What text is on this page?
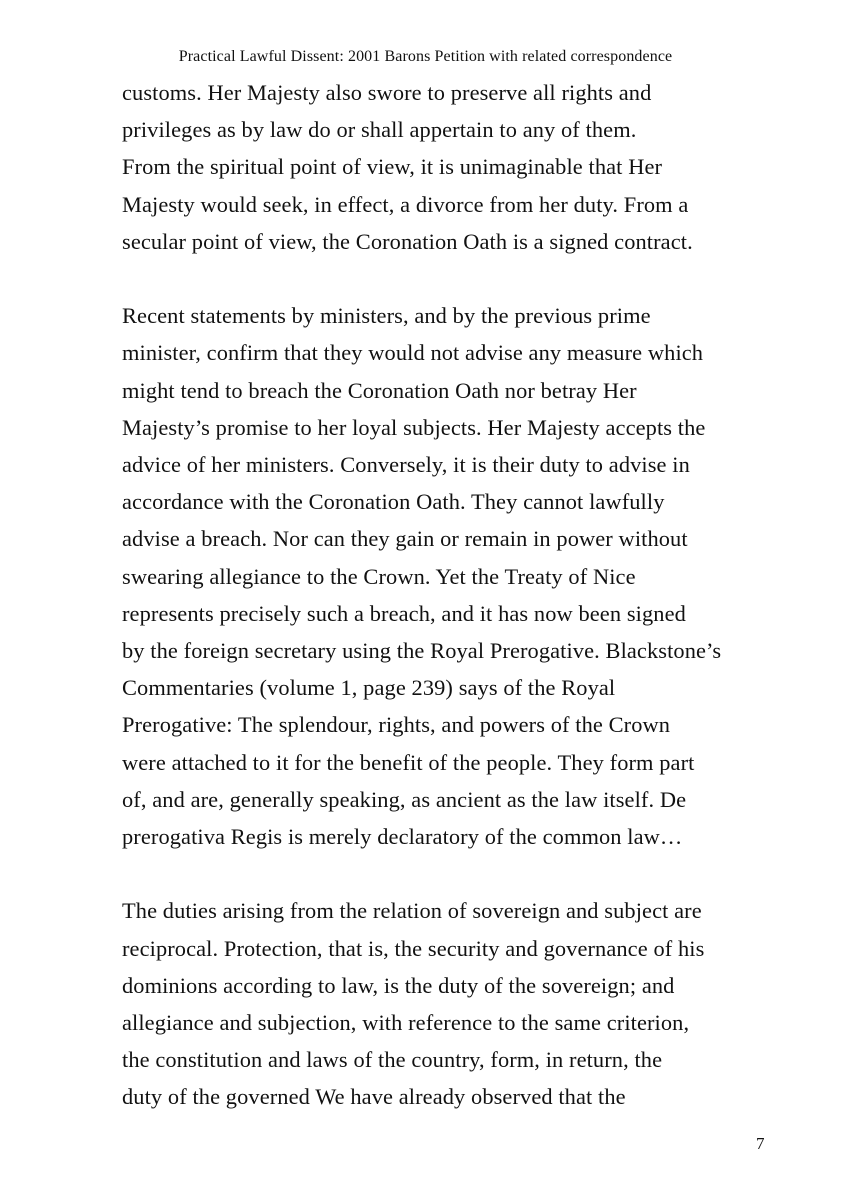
Practical Lawful Dissent: 2001 Barons Petition with related correspondence
customs. Her Majesty also swore to preserve all rights and
privileges as by law do or shall appertain to any of them.
From the spiritual point of view, it is unimaginable that Her
Majesty would seek, in effect, a divorce from her duty. From a
secular point of view, the Coronation Oath is a signed contract.
Recent statements by ministers, and by the previous prime
minister, confirm that they would not advise any measure which
might tend to breach the Coronation Oath nor betray Her
Majesty’s promise to her loyal subjects. Her Majesty accepts the
advice of her ministers. Conversely, it is their duty to advise in
accordance with the Coronation Oath. They cannot lawfully
advise a breach. Nor can they gain or remain in power without
swearing allegiance to the Crown. Yet the Treaty of Nice
represents precisely such a breach, and it has now been signed
by the foreign secretary using the Royal Prerogative. Blackstone’s
Commentaries (volume 1, page 239) says of the Royal
Prerogative: The splendour, rights, and powers of the Crown
were attached to it for the benefit of the people. They form part
of, and are, generally speaking, as ancient as the law itself. De
prerogativa Regis is merely declaratory of the common law…
The duties arising from the relation of sovereign and subject are
reciprocal. Protection, that is, the security and governance of his
dominions according to law, is the duty of the sovereign; and
allegiance and subjection, with reference to the same criterion,
the constitution and laws of the country, form, in return, the
duty of the governed We have already observed that the
7
